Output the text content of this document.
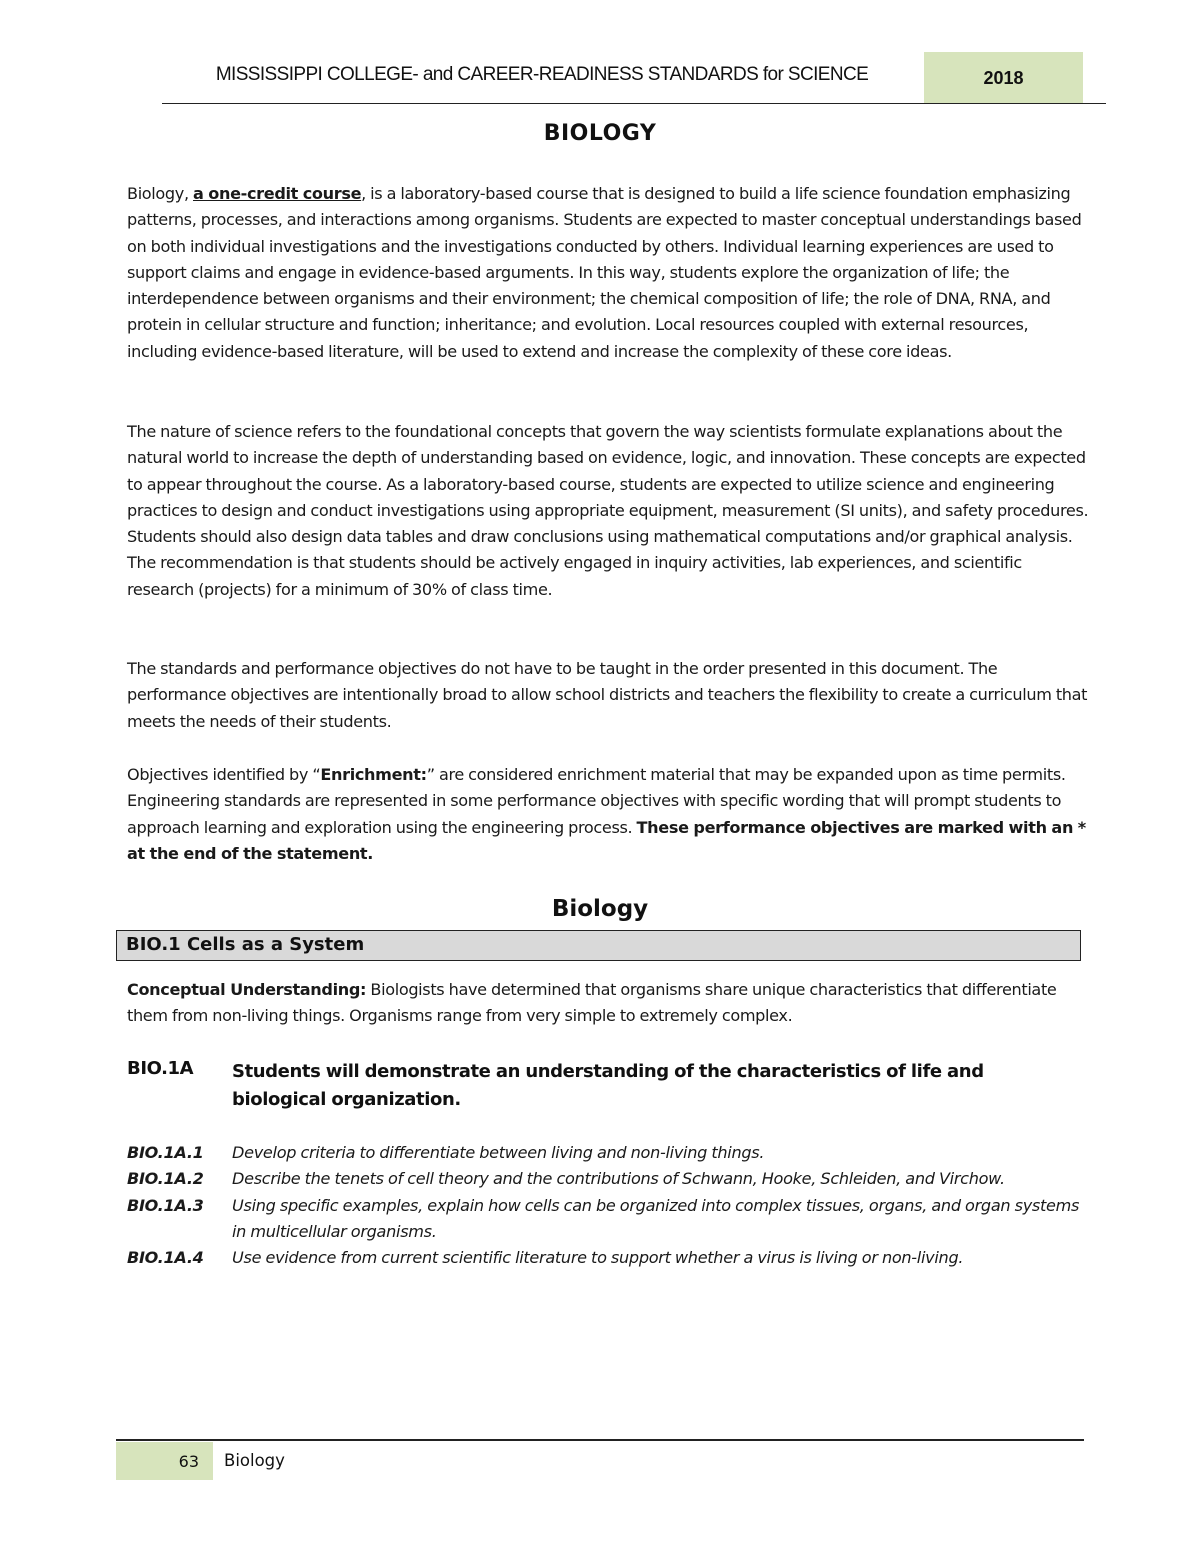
MISSISSIPPI COLLEGE- and CAREER-READINESS STANDARDS for SCIENCE	2018
BIOLOGY

Biology, a one-credit course, is a laboratory-based course that is designed to build a life science foundation emphasizing patterns, processes, and interactions among organisms. Students are expected to master conceptual understandings based on both individual investigations and the investigations conducted by others. Individual learning experiences are used to support claims and engage in evidence-based arguments. In this way, students explore the organization of life; the interdependence between organisms and their environment; the chemical composition of life; the role of DNA, RNA, and protein in cellular structure and function; inheritance; and evolution. Local resources coupled with external resources, including evidence-based literature, will be used to extend and increase the complexity of these core ideas.

The nature of science refers to the foundational concepts that govern the way scientists formulate explanations about the natural world to increase the depth of understanding based on evidence, logic, and innovation. These concepts are expected to appear throughout the course. As a laboratory-based course, students are expected to utilize science and engineering practices to design and conduct investigations using appropriate equipment, measurement (SI units), and safety procedures. Students should also design data tables and draw conclusions using mathematical computations and/or graphical analysis. The recommendation is that students should be actively engaged in inquiry activities, lab experiences, and scientific research (projects) for a minimum of 30% of class time.

The standards and performance objectives do not have to be taught in the order presented in this document. The performance objectives are intentionally broad to allow school districts and teachers the flexibility to create a curriculum that meets the needs of their students.

Objectives identified by “Enrichment:” are considered enrichment material that may be expanded upon as time permits. Engineering standards are represented in some performance objectives with specific wording that will prompt students to approach learning and exploration using the engineering process. These performance objectives are marked with an * at the end of the statement.

Biology
BIO.1 Cells as a System

Conceptual Understanding: Biologists have determined that organisms share unique characteristics that differentiate them from non-living things. Organisms range from very simple to extremely complex.

BIO.1A Students will demonstrate an understanding of the characteristics of life and biological organization.

BIO.1A.1	Develop criteria to differentiate between living and non-living things.
BIO.1A.2	Describe the tenets of cell theory and the contributions of Schwann, Hooke, Schleiden, and Virchow.
BIO.1A.3	Using specific examples, explain how cells can be organized into complex tissues, organs, and organ systems in multicellular organisms.
BIO.1A.4	Use evidence from current scientific literature to support whether a virus is living or non-living.
63	Biology
